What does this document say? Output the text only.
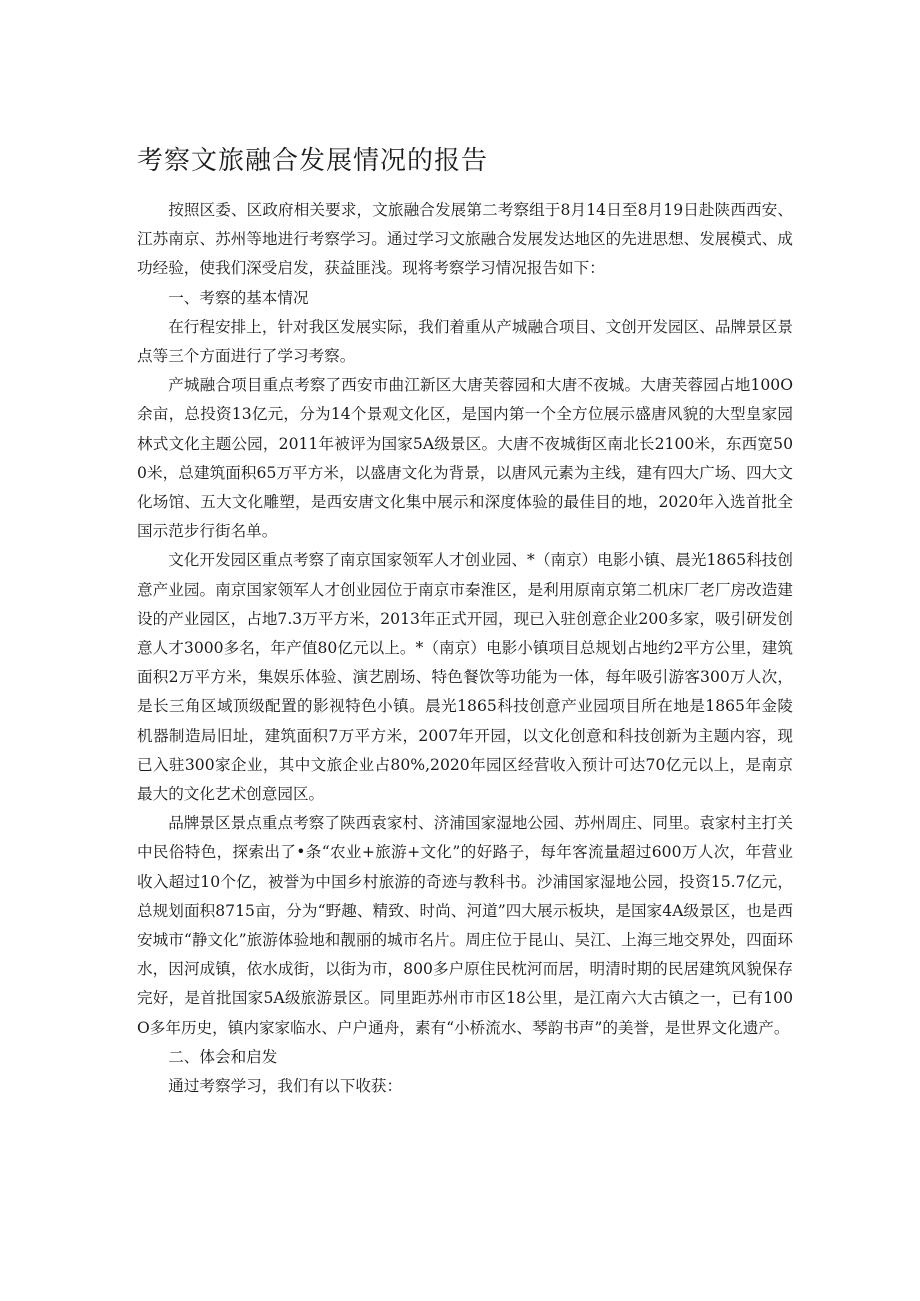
考察文旅融合发展情况的报告

按照区委、区政府相关要求，文旅融合发展第二考察组于8月14日至8月19日赴陕西西安、江苏南京、苏州等地进行考察学习。通过学习文旅融合发展发达地区的先进思想、发展模式、成功经验，使我们深受启发，获益匪浅。现将考察学习情况报告如下：

一、考察的基本情况

在行程安排上，针对我区发展实际，我们着重从产城融合项目、文创开发园区、品牌景区景点等三个方面进行了学习考察。

产城融合项目重点考察了西安市曲江新区大唐芙蓉园和大唐不夜城。大唐芙蓉园占地100O余亩，总投资13亿元，分为14个景观文化区，是国内第一个全方位展示盛唐风貌的大型皇家园林式文化主题公园，2011年被评为国家5A级景区。大唐不夜城街区南北长2100米，东西宽500米，总建筑面积65万平方米，以盛唐文化为背景，以唐风元素为主线，建有四大广场、四大文化场馆、五大文化雕塑，是西安唐文化集中展示和深度体验的最佳目的地，2020年入选首批全国示范步行街名单。

文化开发园区重点考察了南京国家领军人才创业园、*（南京）电影小镇、晨光1865科技创意产业园。南京国家领军人才创业园位于南京市秦淮区，是利用原南京第二机床厂老厂房改造建设的产业园区，占地7.3万平方米，2013年正式开园，现已入驻创意企业200多家，吸引研发创意人才3000多名，年产值80亿元以上。*（南京）电影小镇项目总规划占地约2平方公里，建筑面积2万平方米，集娱乐体验、演艺剧场、特色餐饮等功能为一体，每年吸引游客300万人次，是长三角区域顶级配置的影视特色小镇。晨光1865科技创意产业园项目所在地是1865年金陵机器制造局旧址，建筑面积7万平方米，2007年开园，以文化创意和科技创新为主题内容，现已入驻300家企业，其中文旅企业占80%,2020年园区经营收入预计可达70亿元以上，是南京最大的文化艺术创意园区。

品牌景区景点重点考察了陕西袁家村、济浦国家湿地公园、苏州周庄、同里。袁家村主打关中民俗特色，探索出了•条“农业+旅游+文化”的好路子，每年客流量超过600万人次，年营业收入超过10个亿，被誉为中国乡村旅游的奇迹与教科书。沙浦国家湿地公园，投资15.7亿元，总规划面积8715亩，分为“野趣、精致、时尚、河道”四大展示板块，是国家4A级景区，也是西安城市“静文化”旅游体验地和靓丽的城市名片。周庄位于昆山、吴江、上海三地交界处，四面环水，因河成镇，依水成街，以街为市，800多户原住民枕河而居，明清时期的民居建筑风貌保存完好，是首批国家5A级旅游景区。同里距苏州市市区18公里，是江南六大古镇之一，已有100O多年历史，镇内家家临水、户户通舟，素有“小桥流水、琴韵书声”的美誉，是世界文化遗产。

二、体会和启发

通过考察学习，我们有以下收获：
